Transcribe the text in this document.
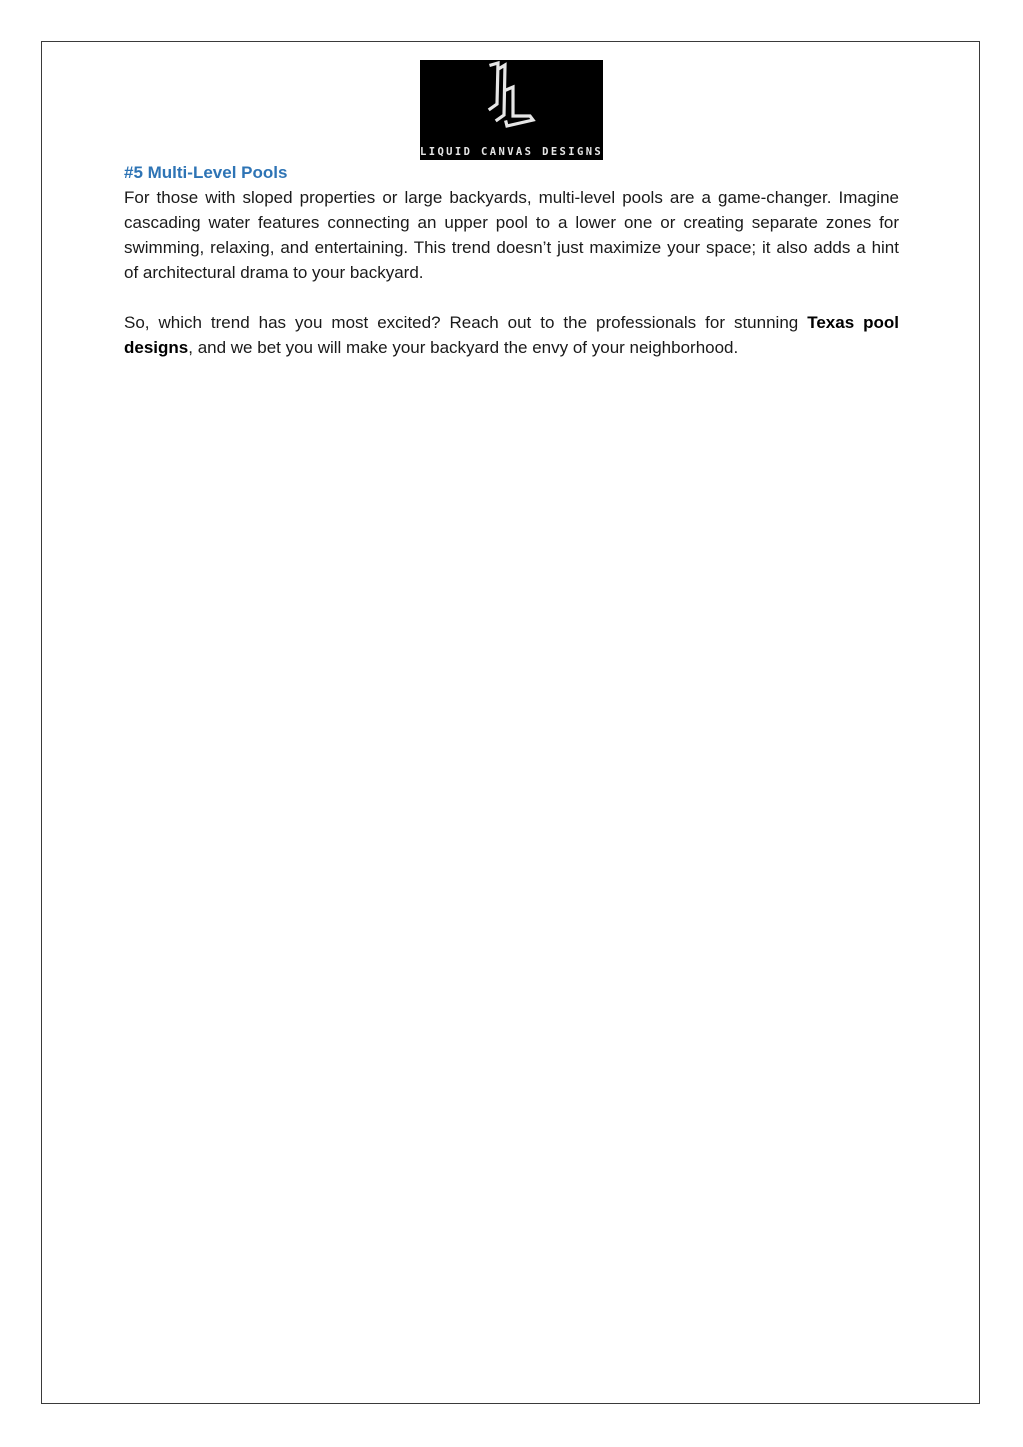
LIQUID CANVAS DESIGNS
#5 Multi-Level Pools

For those with sloped properties or large backyards, multi-level pools are a game-changer. Imagine cascading water features connecting an upper pool to a lower one or creating separate zones for swimming, relaxing, and entertaining. This trend doesn’t just maximize your space; it also adds a hint of architectural drama to your backyard.

So, which trend has you most excited? Reach out to the professionals for stunning Texas pool designs, and we bet you will make your backyard the envy of your neighborhood.
